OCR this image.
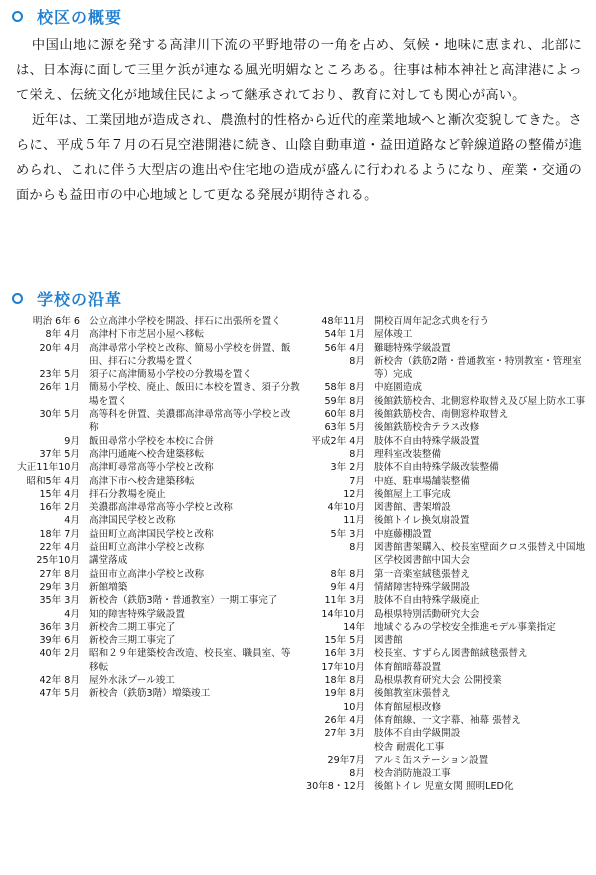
校区の概要

中国山地に源を発する高津川下流の平野地帯の一角を占め、気候・地味に恵まれ、北部には、日本海に面して三里ケ浜が連なる風光明媚なところある。往事は柿本神社と高津港によって栄え、伝統文化が地域住民によって継承されており、教育に対しても関心が高い。

近年は、工業団地が造成され、農漁村的性格から近代的産業地域へと漸次変貌してきた。さらに、平成５年７月の石見空港開港に続き、山陰自動車道・益田道路など幹線道路の整備が進められ、これに伴う大型店の進出や住宅地の造成が盛んに行われるようになり、産業・交通の面からも益田市の中心地域として更なる発展が期待される。

学校の沿革
明治 6年 6 公立高津小学校を開設、拝石に出張所を置く
8年 4月 高津村下市芝居小屋へ移転
20年 4月 高津尋常小学校と改称、簡易小学校を併置、飯田、拝石に分教場を置く
23年 5月 須子に高津簡易小学校の分教場を置く
26年 1月 簡易小学校、廃止、飯田に本校を置き、須子分教場を置く
30年 5月 高等科を併置、美濃郡高津尋常高等小学校と改称
9月 飯田尋常小学校を本校に合併
37年 5月 高津円通庵へ校舎建築移転
大正11年10月 高津町尋常高等小学校と改称
昭和5年 4月 高津下市へ校舎建築移転
15年 4月 拝石分教場を廃止
16年 2月 美濃郡高津尋常高等小学校と改称
4月 高津国民学校と改称
18年 7月 益田町立高津国民学校と改称
22年 4月 益田町立高津小学校と改称
25年10月 講堂落成
27年 8月 益田市立高津小学校と改称
29年 3月 新館増築
35年 3月 新校舎（鉄筋3階・普通教室）一期工事完了
4月 知的障害特殊学級設置
36年 3月 新校舎二期工事完了
39年 6月 新校舎三期工事完了
40年 2月 昭和２９年建築校舎改造、校長室、職員室、等移転
42年 8月 屋外水泳プール竣工
47年 5月 新校舎（鉄筋3階）増築竣工
48年11月 開校百周年記念式典を行う
54年 1月 屋体竣工
56年 4月 難聴特殊学級設置
8月 新校舎（鉄筋2階・普通教室・特別教室・管理室等）完成
58年 8月 中庭園造成
59年 8月 後館鉄筋校舎、北側窓枠取替え及び屋上防水工事
60年 8月 後館鉄筋校舎、南側窓枠取替え
63年 5月 後館鉄筋校舎テラス改修
平成2年 4月 肢体不自由特殊学級設置
8月 理科室改装整備
3年 2月 肢体不自由特殊学級改装整備
7月 中庭、駐車場舗装整備
12月 後館屋上工事完成
4年10月 図書館、書架増設
11月 後館トイレ換気扇設置
5年 3月 中庭藤棚設置
8月 図書館書架購入、校長室壁面クロス張替え中国地区学校図書館中国大会
8年 8月 第一音楽室絨毯張替え
9年 4月 情緒障害特殊学級開設
11年 3月 肢体不自由特殊学級廃止
14年10月 島根県特別活動研究大会
14年 地域ぐるみの学校安全推進モデル事業指定
15年 5月 図書館
16年 3月 校長室、すずらん図書館絨毯張替え
17年10月 体育館暗幕設置
18年 8月 島根県教育研究大会 公開授業
19年 8月 後館教室床張替え
10月 体育館屋根改修
26年 4月 体育館線、一文字幕、袖幕 張替え
27年 3月 肢体不自由学級開設
校舎 耐震化工事
29年7月 アルミ缶ステーション設置
8月 校舎消防施設工事
30年8・12月 後館トイレ 児童女関 照明LED化
